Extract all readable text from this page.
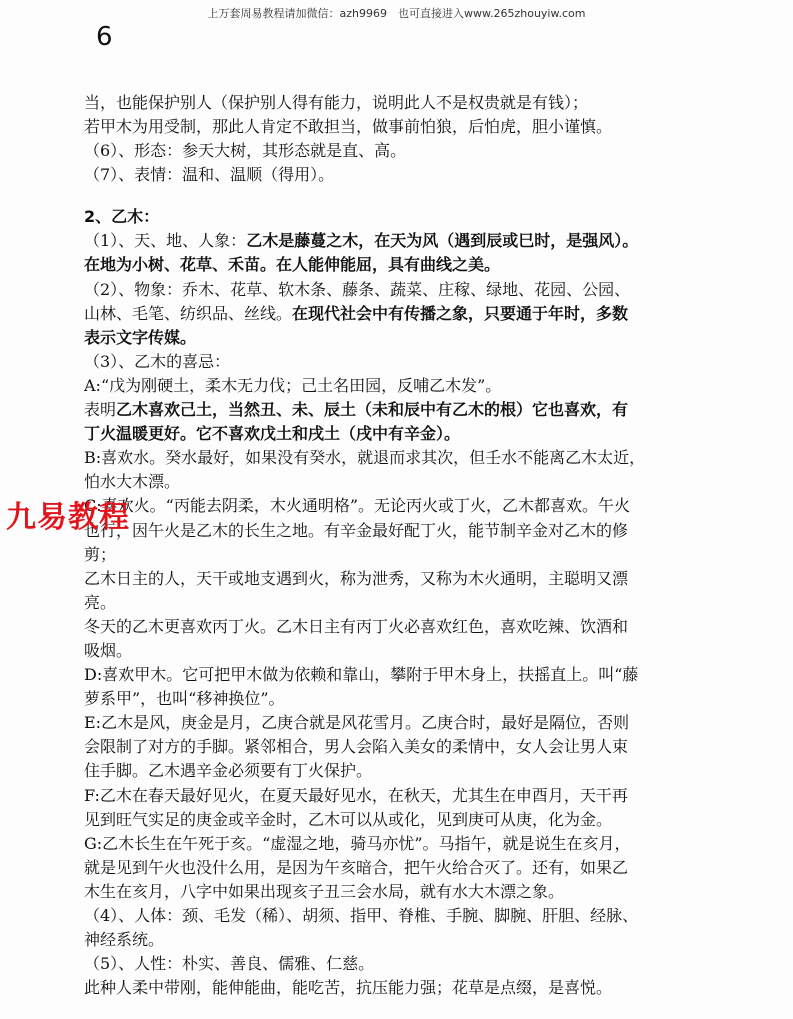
上万套周易教程请加微信：azh9969　也可直接进入www.265zhouyiw.com
6
九易教程
当，也能保护别人（保护别人得有能力，说明此人不是权贵就是有钱）；
若甲木为用受制，那此人肯定不敢担当，做事前怕狼，后怕虎，胆小谨慎。
（6）、形态：参天大树，其形态就是直、高。
（7）、表情：温和、温顺（得用）。
2、乙木：
（1）、天、地、人象：乙木是藤蔓之木，在天为风（遇到辰或巳时，是强风）。
在地为小树、花草、禾苗。在人能伸能屈，具有曲线之美。
（2）、物象：乔木、花草、软木条、藤条、蔬菜、庄稼、绿地、花园、公园、
山林、毛笔、纺织品、丝线。在现代社会中有传播之象，只要通于年时，多数
表示文字传媒。
（3）、乙木的喜忌：
A:“戊为刚硬土，柔木无力伐；己土名田园，反哺乙木发”。
表明乙木喜欢己土，当然丑、未、辰土（未和辰中有乙木的根）它也喜欢，有
丁火温暖更好。它不喜欢戊土和戌土（戌中有辛金）。
B:喜欢水。癸水最好，如果没有癸水，就退而求其次，但壬水不能离乙木太近，
怕水大木漂。
C:喜欢火。“丙能去阴柔，木火通明格”。无论丙火或丁火，乙木都喜欢。午火
也行，因午火是乙木的长生之地。有辛金最好配丁火，能节制辛金对乙木的修
剪；
乙木日主的人，天干或地支遇到火，称为泄秀，又称为木火通明，主聪明又漂
亮。
冬天的乙木更喜欢丙丁火。乙木日主有丙丁火必喜欢红色，喜欢吃辣、饮酒和
吸烟。
D:喜欢甲木。它可把甲木做为依赖和靠山，攀附于甲木身上，扶摇直上。叫“藤
萝系甲”，也叫“移神换位”。
E:乙木是风，庚金是月，乙庚合就是风花雪月。乙庚合时，最好是隔位，否则
会限制了对方的手脚。紧邻相合，男人会陷入美女的柔情中，女人会让男人束
住手脚。乙木遇辛金必须要有丁火保护。
F:乙木在春天最好见火，在夏天最好见水，在秋天，尤其生在申酉月，天干再
见到旺气实足的庚金或辛金时，乙木可以从或化，见到庚可从庚，化为金。
G:乙木长生在午死于亥。“虚湿之地，骑马亦忧”。马指午，就是说生在亥月，
就是见到午火也没什么用，是因为午亥暗合，把午火给合灭了。还有，如果乙
木生在亥月，八字中如果出现亥子丑三会水局，就有水大木漂之象。
（4）、人体：颈、毛发（稀）、胡须、指甲、脊椎、手腕、脚腕、肝胆、经脉、
神经系统。
（5）、人性：朴实、善良、儒雅、仁慈。
此种人柔中带刚，能伸能曲，能吃苦，抗压能力强；花草是点缀，是喜悦。
